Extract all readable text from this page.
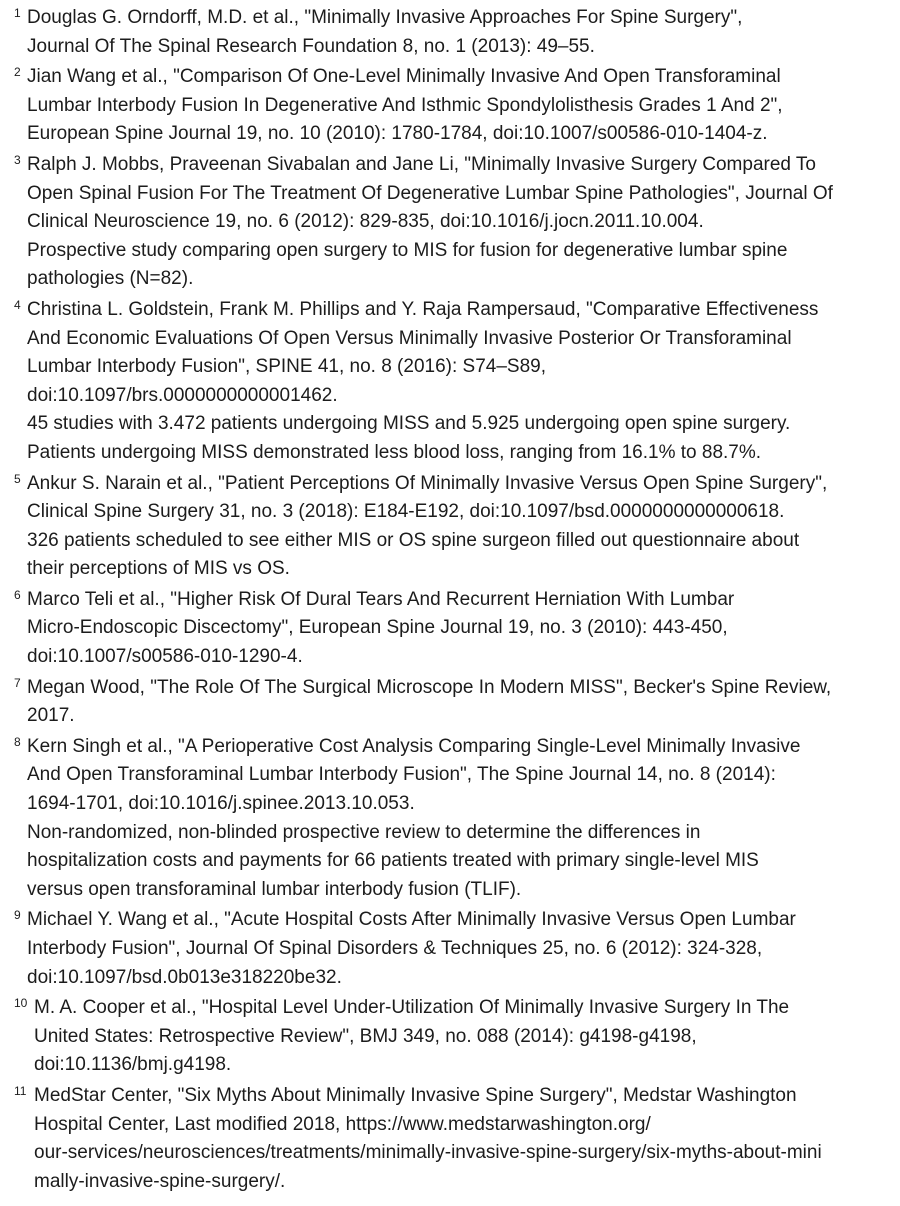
1 Douglas G. Orndorff, M.D. et al., "Minimally Invasive Approaches For Spine Surgery",
Journal Of The Spinal Research Foundation 8, no. 1 (2013): 49–55.
2 Jian Wang et al., "Comparison Of One-Level Minimally Invasive And Open Transforaminal
Lumbar Interbody Fusion In Degenerative And Isthmic Spondylolisthesis Grades 1 And 2",
European Spine Journal 19, no. 10 (2010): 1780-1784, doi:10.1007/s00586-010-1404-z.
3 Ralph J. Mobbs, Praveenan Sivabalan and Jane Li, "Minimally Invasive Surgery Compared To
Open Spinal Fusion For The Treatment Of Degenerative Lumbar Spine Pathologies", Journal Of
Clinical Neuroscience 19, no. 6 (2012): 829-835, doi:10.1016/j.jocn.2011.10.004.
Prospective study comparing open surgery to MIS for fusion for degenerative lumbar spine
pathologies (N=82).
4 Christina L. Goldstein, Frank M. Phillips and Y. Raja Rampersaud, "Comparative Effectiveness
And Economic Evaluations Of Open Versus Minimally Invasive Posterior Or Transforaminal
Lumbar Interbody Fusion", SPINE 41, no. 8 (2016): S74–S89,
doi:10.1097/brs.0000000000001462.
45 studies with 3.472 patients undergoing MISS and 5.925 undergoing open spine surgery.
Patients undergoing MISS demonstrated less blood loss, ranging from 16.1% to 88.7%.
5 Ankur S. Narain et al., "Patient Perceptions Of Minimally Invasive Versus Open Spine Surgery",
Clinical Spine Surgery 31, no. 3 (2018): E184-E192, doi:10.1097/bsd.0000000000000618.
326 patients scheduled to see either MIS or OS spine surgeon filled out questionnaire about
their perceptions of MIS vs OS.
6 Marco Teli et al., "Higher Risk Of Dural Tears And Recurrent Herniation With Lumbar
Micro-Endoscopic Discectomy", European Spine Journal 19, no. 3 (2010): 443-450,
doi:10.1007/s00586-010-1290-4.
7 Megan Wood, "The Role Of The Surgical Microscope In Modern MISS", Becker's Spine Review,
2017.
8 Kern Singh et al., "A Perioperative Cost Analysis Comparing Single-Level Minimally Invasive
And Open Transforaminal Lumbar Interbody Fusion", The Spine Journal 14, no. 8 (2014):
1694-1701, doi:10.1016/j.spinee.2013.10.053.
Non-randomized, non-blinded prospective review to determine the differences in
hospitalization costs and payments for 66 patients treated with primary single-level MIS
versus open transforaminal lumbar interbody fusion (TLIF).
9 Michael Y. Wang et al., "Acute Hospital Costs After Minimally Invasive Versus Open Lumbar
Interbody Fusion", Journal Of Spinal Disorders & Techniques 25, no. 6 (2012): 324-328,
doi:10.1097/bsd.0b013e318220be32.
10 M. A. Cooper et al., "Hospital Level Under-Utilization Of Minimally Invasive Surgery In The
United States: Retrospective Review", BMJ 349, no. 088 (2014): g4198-g4198,
doi:10.1136/bmj.g4198.
11 MedStar Center, "Six Myths About Minimally Invasive Spine Surgery", Medstar Washington
Hospital Center, Last modified 2018, https://www.medstarwashington.org/
our-services/neurosciences/treatments/minimally-invasive-spine-surgery/six-myths-about-mini
mally-invasive-spine-surgery/.
